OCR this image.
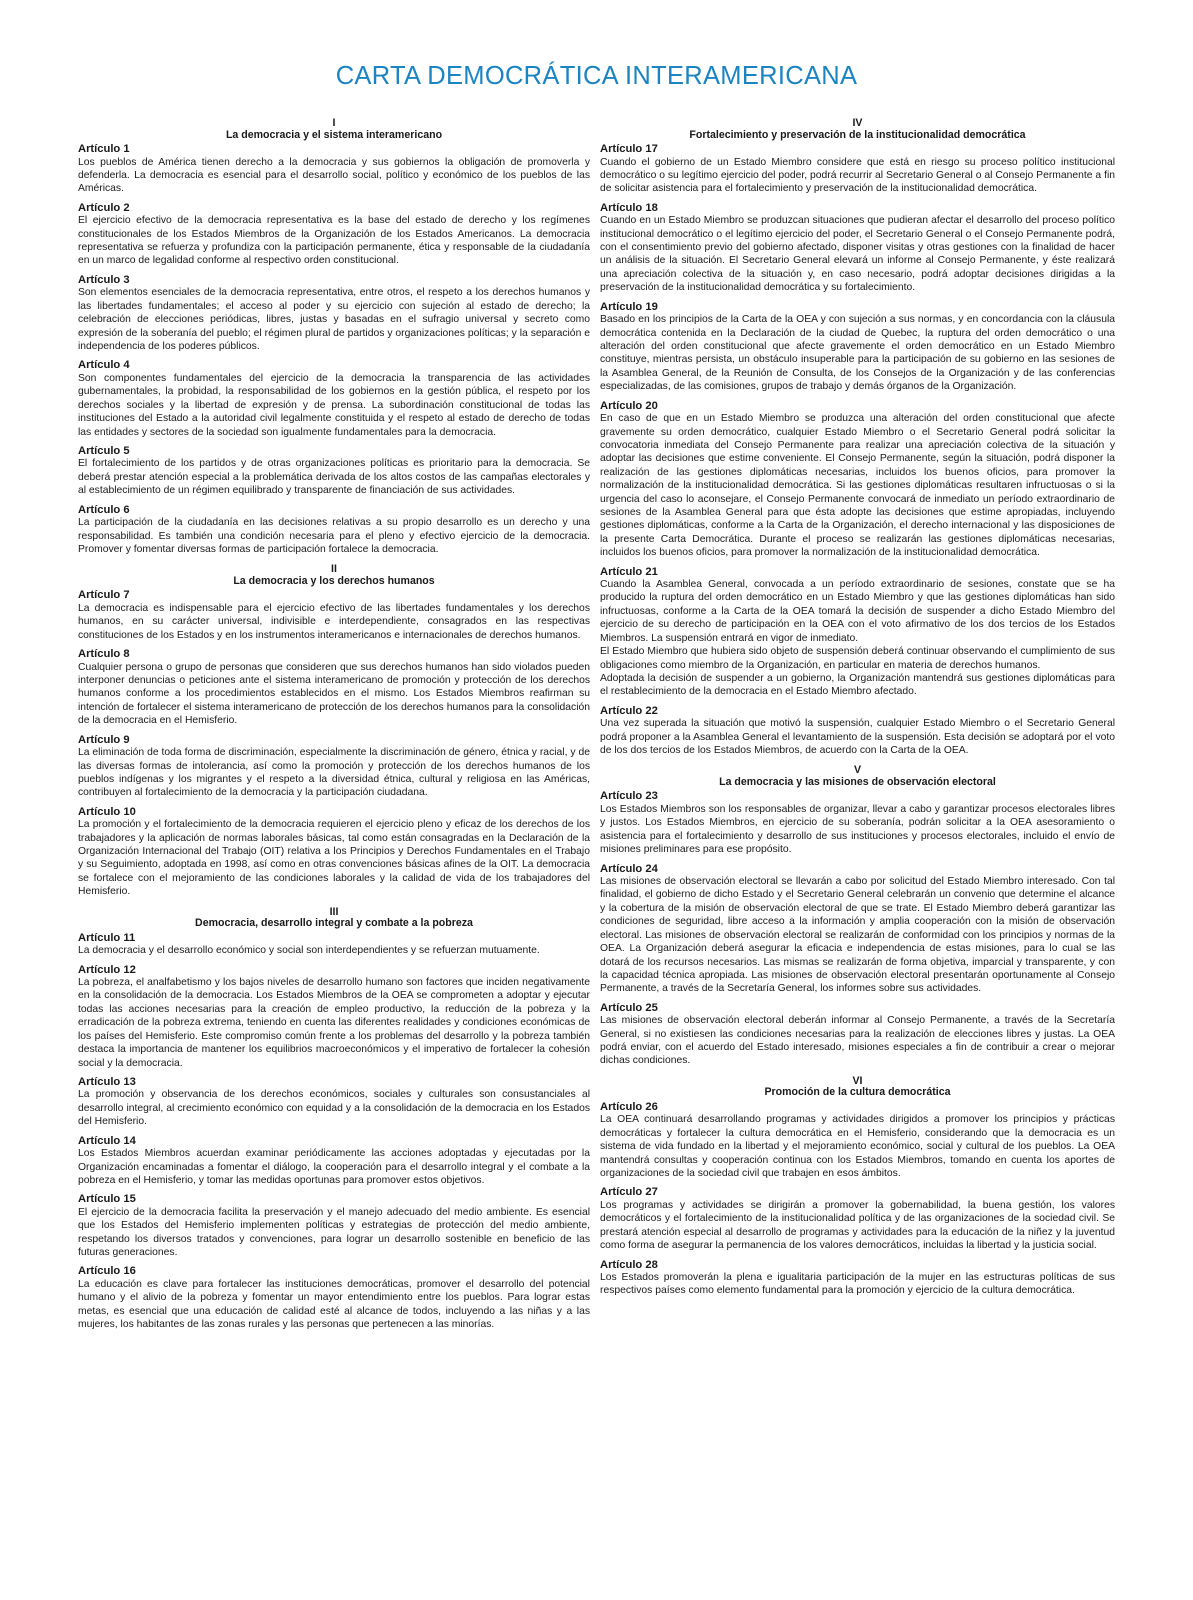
CARTA DEMOCRÁTICA INTERAMERICANA
I
La democracia y el sistema interamericano
Artículo 1

Los pueblos de América tienen derecho a la democracia y sus gobiernos la obligación de promoverla y defenderla. La democracia es esencial para el desarrollo social, político y económico de los pueblos de las Américas.

Artículo 2

El ejercicio efectivo de la democracia representativa es la base del estado de derecho y los regímenes constitucionales de los Estados Miembros de la Organización de los Estados Americanos. La democracia representativa se refuerza y profundiza con la participación permanente, ética y responsable de la ciudadanía en un marco de legalidad conforme al respectivo orden constitucional.

Artículo 3

Son elementos esenciales de la democracia representativa, entre otros, el respeto a los derechos humanos y las libertades fundamentales; el acceso al poder y su ejercicio con sujeción al estado de derecho; la celebración de elecciones periódicas, libres, justas y basadas en el sufragio universal y secreto como expresión de la soberanía del pueblo; el régimen plural de partidos y organizaciones políticas; y la separación e independencia de los poderes públicos.

Artículo 4

Son componentes fundamentales del ejercicio de la democracia la transparencia de las actividades gubernamentales, la probidad, la responsabilidad de los gobiernos en la gestión pública, el respeto por los derechos sociales y la libertad de expresión y de prensa. La subordinación constitucional de todas las instituciones del Estado a la autoridad civil legalmente constituida y el respeto al estado de derecho de todas las entidades y sectores de la sociedad son igualmente fundamentales para la democracia.

Artículo 5

El fortalecimiento de los partidos y de otras organizaciones políticas es prioritario para la democracia. Se deberá prestar atención especial a la problemática derivada de los altos costos de las campañas electorales y al establecimiento de un régimen equilibrado y transparente de financiación de sus actividades.

Artículo 6

La participación de la ciudadanía en las decisiones relativas a su propio desarrollo es un derecho y una responsabilidad. Es también una condición necesaria para el pleno y efectivo ejercicio de la democracia. Promover y fomentar diversas formas de participación fortalece la democracia.

II
La democracia y los derechos humanos
Artículo 7

La democracia es indispensable para el ejercicio efectivo de las libertades fundamentales y los derechos humanos, en su carácter universal, indivisible e interdependiente, consagrados en las respectivas constituciones de los Estados y en los instrumentos interamericanos e internacionales de derechos humanos.

Artículo 8

Cualquier persona o grupo de personas que consideren que sus derechos humanos han sido violados pueden interponer denuncias o peticiones ante el sistema interamericano de promoción y protección de los derechos humanos conforme a los procedimientos establecidos en el mismo. Los Estados Miembros reafirman su intención de fortalecer el sistema interamericano de protección de los derechos humanos para la consolidación de la democracia en el Hemisferio.

Artículo 9

La eliminación de toda forma de discriminación, especialmente la discriminación de género, étnica y racial, y de las diversas formas de intolerancia, así como la promoción y protección de los derechos humanos de los pueblos indígenas y los migrantes y el respeto a la diversidad étnica, cultural y religiosa en las Américas, contribuyen al fortalecimiento de la democracia y la participación ciudadana.

Artículo 10

La promoción y el fortalecimiento de la democracia requieren el ejercicio pleno y eficaz de los derechos de los trabajadores y la aplicación de normas laborales básicas, tal como están consagradas en la Declaración de la Organización Internacional del Trabajo (OIT) relativa a los Principios y Derechos Fundamentales en el Trabajo y su Seguimiento, adoptada en 1998, así como en otras convenciones básicas afines de la OIT. La democracia se fortalece con el mejoramiento de las condiciones laborales y la calidad de vida de los trabajadores del Hemisferio.

III
Democracia, desarrollo integral y combate a la pobreza
Artículo 11

La democracia y el desarrollo económico y social son interdependientes y se refuerzan mutuamente.

Artículo 12

La pobreza, el analfabetismo y los bajos niveles de desarrollo humano son factores que inciden negativamente en la consolidación de la democracia. Los Estados Miembros de la OEA se comprometen a adoptar y ejecutar todas las acciones necesarias para la creación de empleo productivo, la reducción de la pobreza y la erradicación de la pobreza extrema, teniendo en cuenta las diferentes realidades y condiciones económicas de los países del Hemisferio. Este compromiso común frente a los problemas del desarrollo y la pobreza también destaca la importancia de mantener los equilibrios macroeconómicos y el imperativo de fortalecer la cohesión social y la democracia.

Artículo 13

La promoción y observancia de los derechos económicos, sociales y culturales son consustanciales al desarrollo integral, al crecimiento económico con equidad y a la consolidación de la democracia en los Estados del Hemisferio.

Artículo 14

Los Estados Miembros acuerdan examinar periódicamente las acciones adoptadas y ejecutadas por la Organización encaminadas a fomentar el diálogo, la cooperación para el desarrollo integral y el combate a la pobreza en el Hemisferio, y tomar las medidas oportunas para promover estos objetivos.

Artículo 15

El ejercicio de la democracia facilita la preservación y el manejo adecuado del medio ambiente. Es esencial que los Estados del Hemisferio implementen políticas y estrategias de protección del medio ambiente, respetando los diversos tratados y convenciones, para lograr un desarrollo sostenible en beneficio de las futuras generaciones.

Artículo 16

La educación es clave para fortalecer las instituciones democráticas, promover el desarrollo del potencial humano y el alivio de la pobreza y fomentar un mayor entendimiento entre los pueblos. Para lograr estas metas, es esencial que una educación de calidad esté al alcance de todos, incluyendo a las niñas y a las mujeres, los habitantes de las zonas rurales y las personas que pertenecen a las minorías.

IV
Fortalecimiento y preservación de la institucionalidad democrática
Artículo 17

Cuando el gobierno de un Estado Miembro considere que está en riesgo su proceso político institucional democrático o su legítimo ejercicio del poder, podrá recurrir al Secretario General o al Consejo Permanente a fin de solicitar asistencia para el fortalecimiento y preservación de la institucionalidad democrática.

Artículo 18

Cuando en un Estado Miembro se produzcan situaciones que pudieran afectar el desarrollo del proceso político institucional democrático o el legítimo ejercicio del poder, el Secretario General o el Consejo Permanente podrá, con el consentimiento previo del gobierno afectado, disponer visitas y otras gestiones con la finalidad de hacer un análisis de la situación. El Secretario General elevará un informe al Consejo Permanente, y éste realizará una apreciación colectiva de la situación y, en caso necesario, podrá adoptar decisiones dirigidas a la preservación de la institucionalidad democrática y su fortalecimiento.

Artículo 19

Basado en los principios de la Carta de la OEA y con sujeción a sus normas, y en concordancia con la cláusula democrática contenida en la Declaración de la ciudad de Quebec, la ruptura del orden democrático o una alteración del orden constitucional que afecte gravemente el orden democrático en un Estado Miembro constituye, mientras persista, un obstáculo insuperable para la participación de su gobierno en las sesiones de la Asamblea General, de la Reunión de Consulta, de los Consejos de la Organización y de las conferencias especializadas, de las comisiones, grupos de trabajo y demás órganos de la Organización.

Artículo 20

En caso de que en un Estado Miembro se produzca una alteración del orden constitucional que afecte gravemente su orden democrático, cualquier Estado Miembro o el Secretario General podrá solicitar la convocatoria inmediata del Consejo Permanente para realizar una apreciación colectiva de la situación y adoptar las decisiones que estime conveniente. El Consejo Permanente, según la situación, podrá disponer la realización de las gestiones diplomáticas necesarias, incluidos los buenos oficios, para promover la normalización de la institucionalidad democrática. Si las gestiones diplomáticas resultaren infructuosas o si la urgencia del caso lo aconsejare, el Consejo Permanente convocará de inmediato un período extraordinario de sesiones de la Asamblea General para que ésta adopte las decisiones que estime apropiadas, incluyendo gestiones diplomáticas, conforme a la Carta de la Organización, el derecho internacional y las disposiciones de la presente Carta Democrática. Durante el proceso se realizarán las gestiones diplomáticas necesarias, incluidos los buenos oficios, para promover la normalización de la institucionalidad democrática.

Artículo 21

Cuando la Asamblea General, convocada a un período extraordinario de sesiones, constate que se ha producido la ruptura del orden democrático en un Estado Miembro y que las gestiones diplomáticas han sido infructuosas, conforme a la Carta de la OEA tomará la decisión de suspender a dicho Estado Miembro del ejercicio de su derecho de participación en la OEA con el voto afirmativo de los dos tercios de los Estados Miembros. La suspensión entrará en vigor de inmediato.

El Estado Miembro que hubiera sido objeto de suspensión deberá continuar observando el cumplimiento de sus obligaciones como miembro de la Organización, en particular en materia de derechos humanos.

Adoptada la decisión de suspender a un gobierno, la Organización mantendrá sus gestiones diplomáticas para el restablecimiento de la democracia en el Estado Miembro afectado.

Artículo 22

Una vez superada la situación que motivó la suspensión, cualquier Estado Miembro o el Secretario General podrá proponer a la Asamblea General el levantamiento de la suspensión. Esta decisión se adoptará por el voto de los dos tercios de los Estados Miembros, de acuerdo con la Carta de la OEA.

V
La democracia y las misiones de observación electoral
Artículo 23

Los Estados Miembros son los responsables de organizar, llevar a cabo y garantizar procesos electorales libres y justos. Los Estados Miembros, en ejercicio de su soberanía, podrán solicitar a la OEA asesoramiento o asistencia para el fortalecimiento y desarrollo de sus instituciones y procesos electorales, incluido el envío de misiones preliminares para ese propósito.

Artículo 24

Las misiones de observación electoral se llevarán a cabo por solicitud del Estado Miembro interesado. Con tal finalidad, el gobierno de dicho Estado y el Secretario General celebrarán un convenio que determine el alcance y la cobertura de la misión de observación electoral de que se trate. El Estado Miembro deberá garantizar las condiciones de seguridad, libre acceso a la información y amplia cooperación con la misión de observación electoral. Las misiones de observación electoral se realizarán de conformidad con los principios y normas de la OEA. La Organización deberá asegurar la eficacia e independencia de estas misiones, para lo cual se las dotará de los recursos necesarios. Las mismas se realizarán de forma objetiva, imparcial y transparente, y con la capacidad técnica apropiada. Las misiones de observación electoral presentarán oportunamente al Consejo Permanente, a través de la Secretaría General, los informes sobre sus actividades.

Artículo 25

Las misiones de observación electoral deberán informar al Consejo Permanente, a través de la Secretaría General, si no existiesen las condiciones necesarias para la realización de elecciones libres y justas. La OEA podrá enviar, con el acuerdo del Estado interesado, misiones especiales a fin de contribuir a crear o mejorar dichas condiciones.

VI
Promoción de la cultura democrática
Artículo 26

La OEA continuará desarrollando programas y actividades dirigidos a promover los principios y prácticas democráticas y fortalecer la cultura democrática en el Hemisferio, considerando que la democracia es un sistema de vida fundado en la libertad y el mejoramiento económico, social y cultural de los pueblos. La OEA mantendrá consultas y cooperación continua con los Estados Miembros, tomando en cuenta los aportes de organizaciones de la sociedad civil que trabajen en esos ámbitos.

Artículo 27

Los programas y actividades se dirigirán a promover la gobernabilidad, la buena gestión, los valores democráticos y el fortalecimiento de la institucionalidad política y de las organizaciones de la sociedad civil. Se prestará atención especial al desarrollo de programas y actividades para la educación de la niñez y la juventud como forma de asegurar la permanencia de los valores democráticos, incluidas la libertad y la justicia social.

Artículo 28

Los Estados promoverán la plena e igualitaria participación de la mujer en las estructuras políticas de sus respectivos países como elemento fundamental para la promoción y ejercicio de la cultura democrática.
